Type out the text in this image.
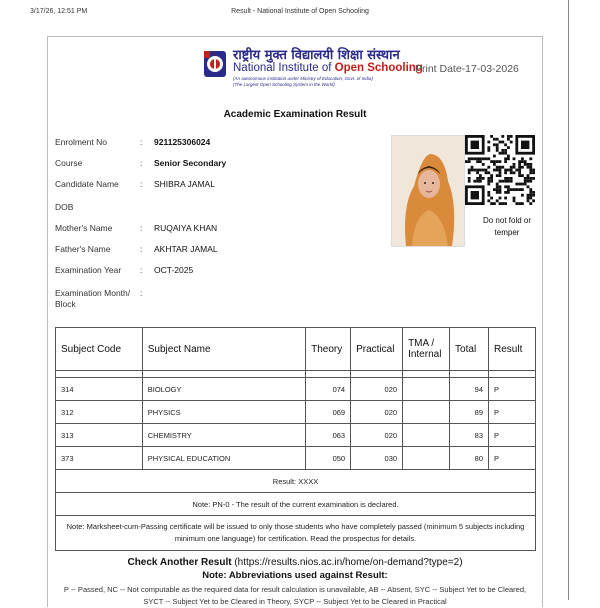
3/17/26, 12:51 PM	Result - National Institute of Open Schooling
राष्ट्रीय मुक्त विद्यालयी शिक्षा संस्थान
National Institute of Open Schooling
(An autonomous institution under Ministry of Education, Govt. of India)
(The Largest Open Schooling System in the World)
Print Date-17-03-2026
Academic Examination Result
Enrolment No	: 921125306024
Course	: Senior Secondary
Candidate Name	: SHIBRA JAMAL
DOB
Mother's Name	: RUQAIYA KHAN
Father's Name	: AKHTAR JAMAL
Examination Year	: OCT-2025
Examination Month/ Block
:
Do not fold or temper
Subject Code	Subject Name	Theory	Practical	TMA / Internal	Total	Result

314	BIOLOGY	074	020		94	P
312	PHYSICS	069	020		89	P
313	CHEMISTRY	063	020		83	P
373	PHYSICAL EDUCATION	050	030		80	P
Result: XXXX						
Note: PN-0 - The result of the current examination is declared.						
Note: Marksheet-cum-Passing certificate will be issued to only those students who have completely passed (minimum 5 subjects including minimum one language) for certification. Read the prospectus for details.						
Check Another Result (https://results.nios.ac.in/home/on-demand?type=2)
Note: Abbreviations used against Result:
P -- Passed, NC -- Not computable as the required data for result calculation is unavailable, AB -- Absent, SYC -- Subject Yet to be Cleared, SYCT -- Subject Yet to be Cleared in Theory, SYCP -- Subject Yet to be Cleared in Practical
